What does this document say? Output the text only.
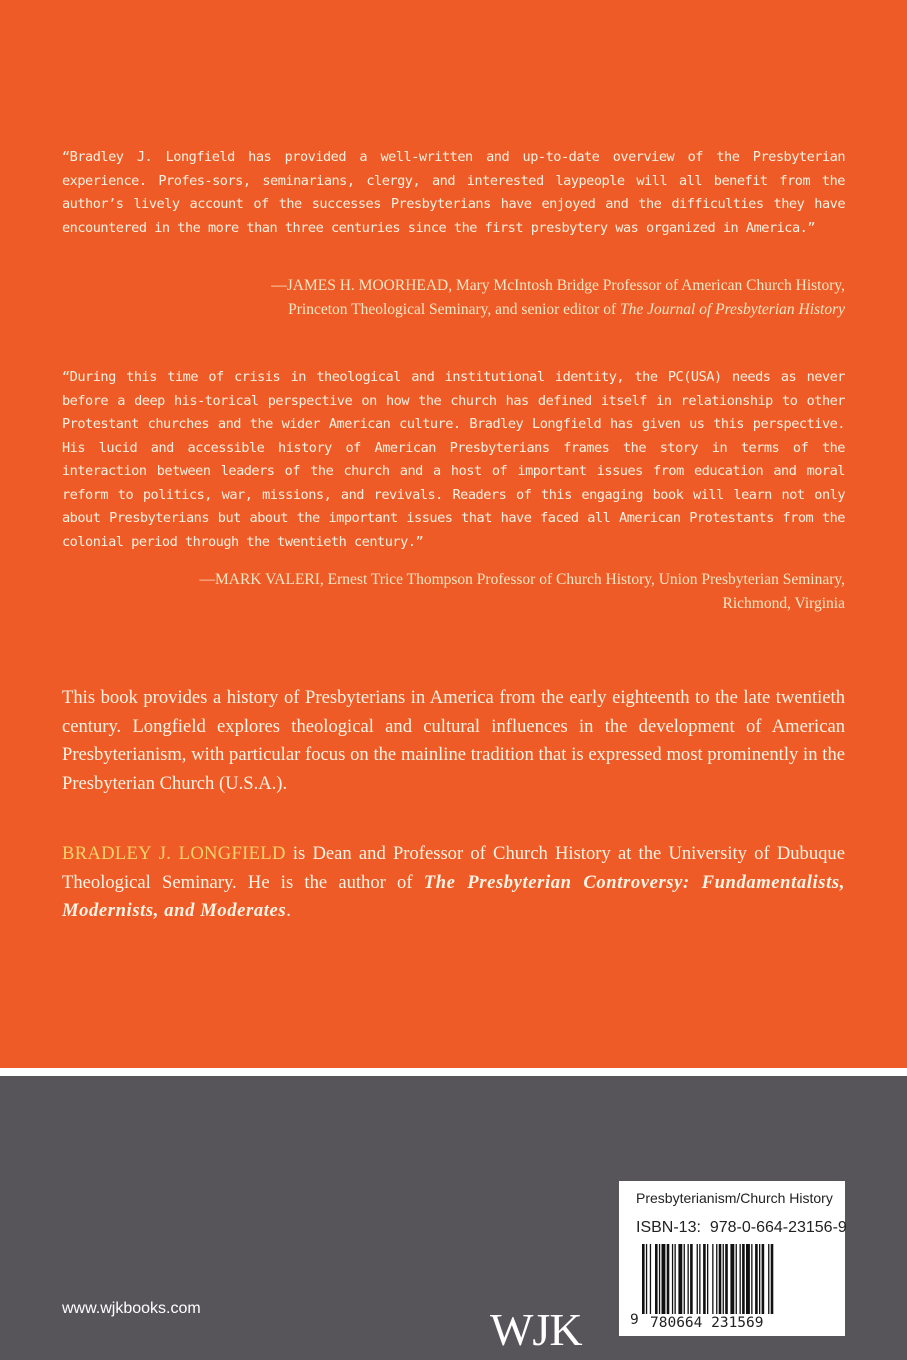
“Bradley J. Longfield has provided a well-written and up-to-date overview of the Presbyterian experience. Profes-sors, seminarians, clergy, and interested laypeople will all benefit from the author’s lively account of the successes Presbyterians have enjoyed and the difficulties they have encountered in the more than three centuries since the first presbytery was organized in America.”

—JAMES H. MOORHEAD, Mary McIntosh Bridge Professor of American Church History,
Princeton Theological Seminary, and senior editor of The Journal of Presbyterian History

“During this time of crisis in theological and institutional identity, the PC(USA) needs as never before a deep his-torical perspective on how the church has defined itself in relationship to other Protestant churches and the wider American culture. Bradley Longfield has given us this perspective. His lucid and accessible history of American Presbyterians frames the story in terms of the interaction between leaders of the church and a host of important issues from education and moral reform to politics, war, missions, and revivals. Readers of this engaging book will learn not only about Presbyterians but about the important issues that have faced all American Protestants from the colonial period through the twentieth century.”

—MARK VALERI, Ernest Trice Thompson Professor of Church History, Union Presbyterian Seminary,
Richmond, Virginia

This book provides a history of Presbyterians in America from the early eighteenth to the late twentieth century. Longfield explores theological and cultural influences in the development of American Presbyterianism, with particular focus on the mainline tradition that is expressed most prominently in the Presbyterian Church (U.S.A.).

BRADLEY J. LONGFIELD is Dean and Professor of Church History at the University of Dubuque Theological Seminary. He is the author of The Presbyterian Controversy: Fundamentalists, Modernists, and Moderates.

www.wjkbooks.com	WJK
Presbyterianism/Church History
ISBN-13: 978-0-664-23156-9
9 780664 231569
